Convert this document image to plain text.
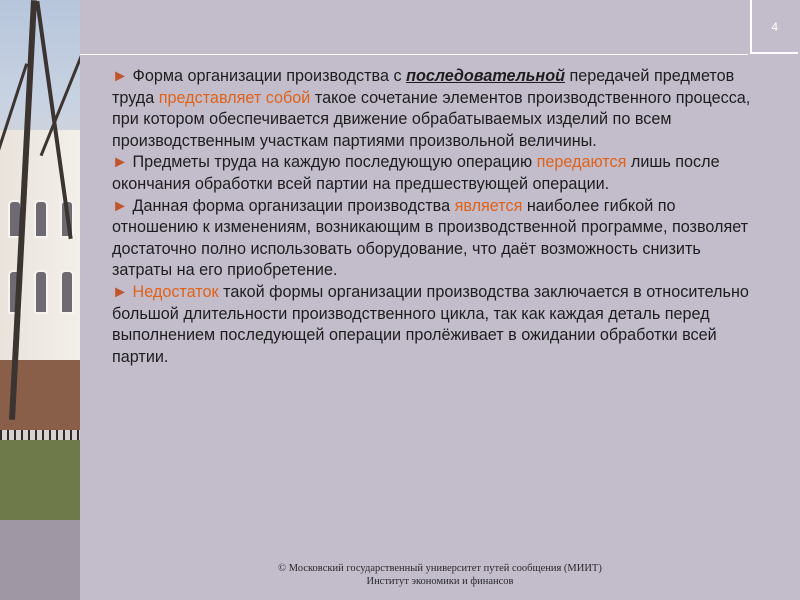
4

► Форма организации производства с последовательной передачей предметов труда представляет собой такое сочетание элементов производственного процесса, при котором обеспечивается движение обрабатываемых изделий по всем производственным участкам партиями произвольной величины.

► Предметы труда на каждую последующую операцию передаются лишь после окончания обработки всей партии на предшествующей операции.

► Данная форма организации производства является наиболее гибкой по отношению к изменениям, возникающим в производственной программе, позволяет достаточно полно использовать оборудование, что даёт возможность снизить затраты на его приобретение.

► Недостаток такой формы организации производства заключается в относительно большой длительности производственного цикла, так как каждая деталь перед выполнением последующей операции пролёживает в ожидании обработки всей партии.

© Московский государственный университет путей сообщения (МИИТ)
Институт экономики и финансов
